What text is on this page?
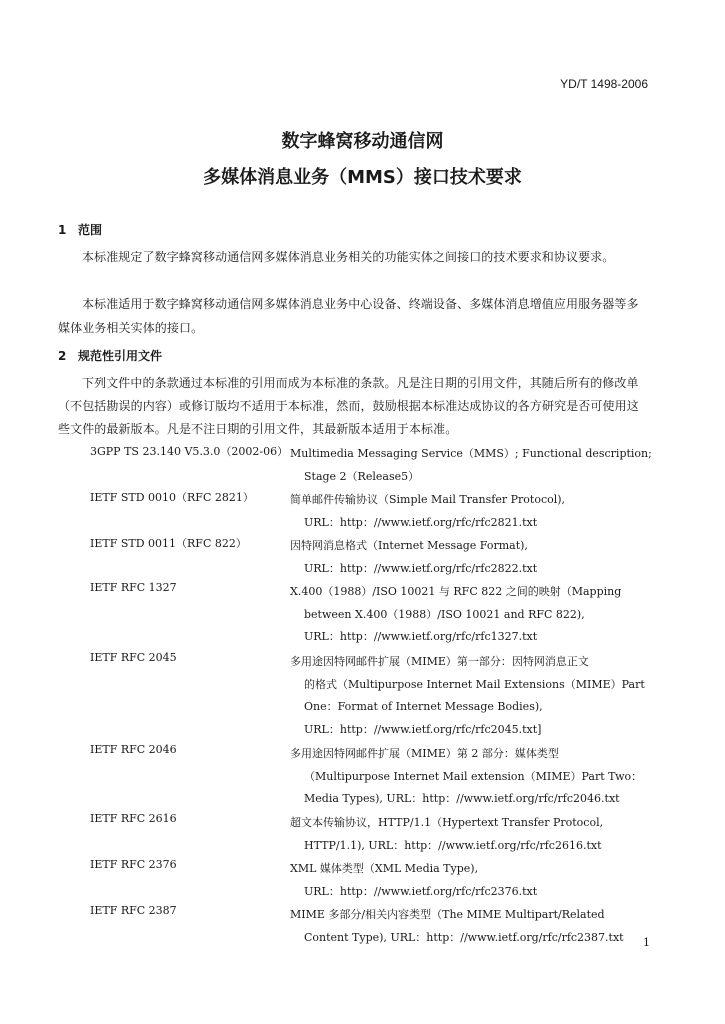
YD/T 1498-2006
数字蜂窝移动通信网
多媒体消息业务（MMS）接口技术要求
1 范围
本标准规定了数字蜂窝移动通信网多媒体消息业务相关的功能实体之间接口的技术要求和协议要求。
本标准适用于数字蜂窝移动通信网多媒体消息业务中心设备、终端设备、多媒体消息增值应用服务器等多媒体业务相关实体的接口。
2 规范性引用文件
下列文件中的条款通过本标准的引用而成为本标准的条款。凡是注日期的引用文件，其随后所有的修改单（不包括勘误的内容）或修订版均不适用于本标准，然而，鼓励根据本标准达成协议的各方研究是否可使用这些文件的最新版本。凡是不注日期的引用文件，其最新版本适用于本标准。
3GPP TS 23.140 V5.3.0（2002-06） Multimedia Messaging Service（MMS）; Functional description;
Stage 2（Release5）
IETF STD 0010（RFC 2821）	简单邮件传输协议（Simple Mail Transfer Protocol),
URL：http：//www.ietf.org/rfc/rfc2821.txt
IETF STD 0011（RFC 822）	因特网消息格式（Internet Message Format),
URL：http：//www.ietf.org/rfc/rfc2822.txt
IETF RFC 1327	X.400（1988）/ISO 10021 与 RFC 822 之间的映射（Mapping
between X.400（1988）/ISO 10021 and RFC 822),
URL：http：//www.ietf.org/rfc/rfc1327.txt
IETF RFC 2045	多用途因特网邮件扩展（MIME）第一部分：因特网消息正文
的格式（Multipurpose Internet Mail Extensions（MIME）Part
One：Format of Internet Message Bodies),
URL：http：//www.ietf.org/rfc/rfc2045.txt]
IETF RFC 2046	多用途因特网邮件扩展（MIME）第 2 部分：媒体类型
（Multipurpose Internet Mail extension（MIME）Part Two：
Media Types), URL：http：//www.ietf.org/rfc/rfc2046.txt
IETF RFC 2616	超文本传输协议，HTTP/1.1（Hypertext Transfer Protocol,
HTTP/1.1), URL：http：//www.ietf.org/rfc/rfc2616.txt
IETF RFC 2376	XML 媒体类型（XML Media Type),
URL：http：//www.ietf.org/rfc/rfc2376.txt
IETF RFC 2387	MIME 多部分/相关内容类型（The MIME Multipart/Related
Content Type), URL：http：//www.ietf.org/rfc/rfc2387.txt	1
